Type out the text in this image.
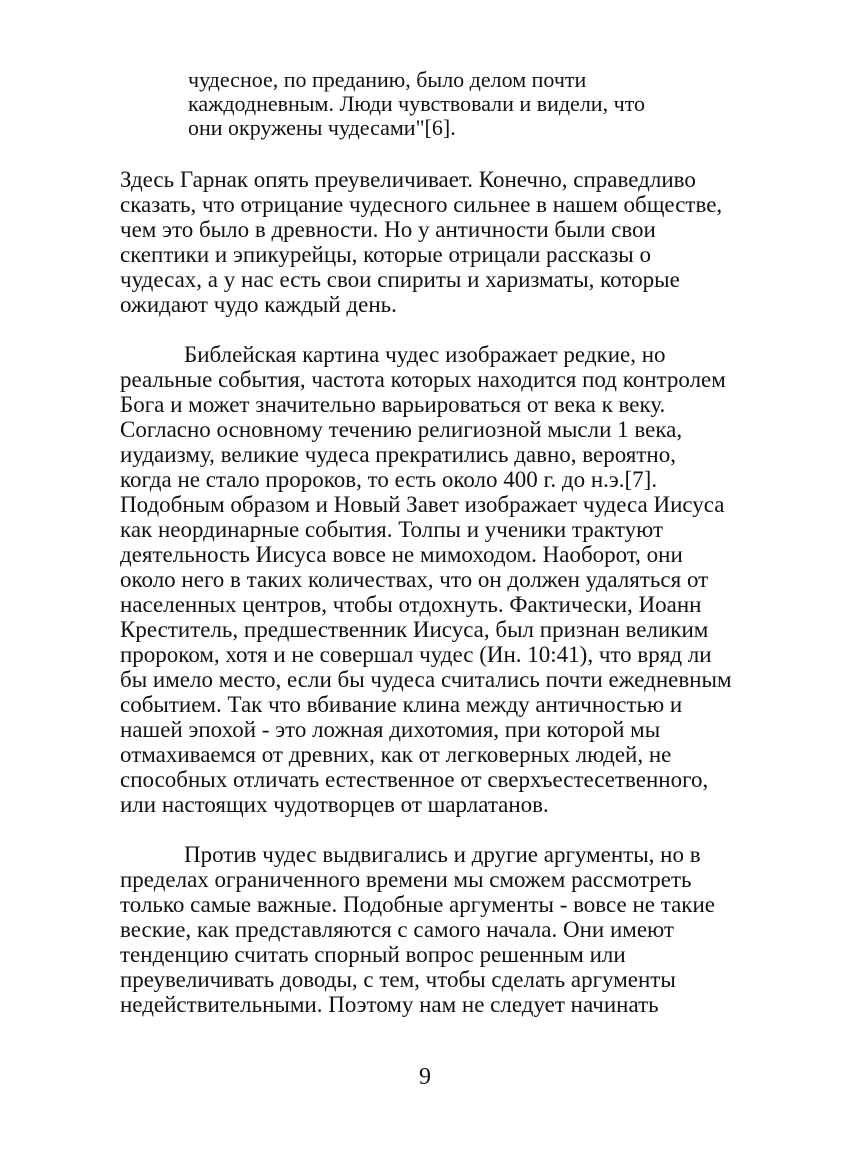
чудесное, по преданию, было делом почти
каждодневным. Люди чувствовали и видели, что
они окружены чудесами"[6].
Здесь Гарнак опять преувеличивает. Конечно, справедливо
сказать, что отрицание чудесного сильнее в нашем обществе,
чем это было в древности. Но у античности были свои
скептики и эпикурейцы, которые отрицали рассказы о
чудесах, а у нас есть свои спириты и харизматы, которые
ожидают чудо каждый день.
Библейская картина чудес изображает редкие, но
реальные события, частота которых находится под контролем
Бога и может значительно варьироваться от века к веку.
Согласно основному течению религиозной мысли 1 века,
иудаизму, великие чудеса прекратились давно, вероятно,
когда не стало пророков, то есть около 400 г. до н.э.[7].
Подобным образом и Новый Завет изображает чудеса Иисуса
как неординарные события. Толпы и ученики трактуют
деятельность Иисуса вовсе не мимоходом. Наоборот, они
около него в таких количествах, что он должен удаляться от
населенных центров, чтобы отдохнуть. Фактически, Иоанн
Креститель, предшественник Иисуса, был признан великим
пророком, хотя и не совершал чудес (Ин. 10:41), что вряд ли
бы имело место, если бы чудеса считались почти ежедневным
событием. Так что вбивание клина между античностью и
нашей эпохой - это ложная дихотомия, при которой мы
отмахиваемся от древних, как от легковерных людей, не
способных отличать естественное от сверхъестесетвенного,
или настоящих чудотворцев от шарлатанов.
Против чудес выдвигались и другие аргументы, но в
пределах ограниченного времени мы сможем рассмотреть
только самые важные. Подобные аргументы - вовсе не такие
веские, как представляются с самого начала. Они имеют
тенденцию считать спорный вопрос решенным или
преувеличивать доводы, с тем, чтобы сделать аргументы
недействительными. Поэтому нам не следует начинать
9
